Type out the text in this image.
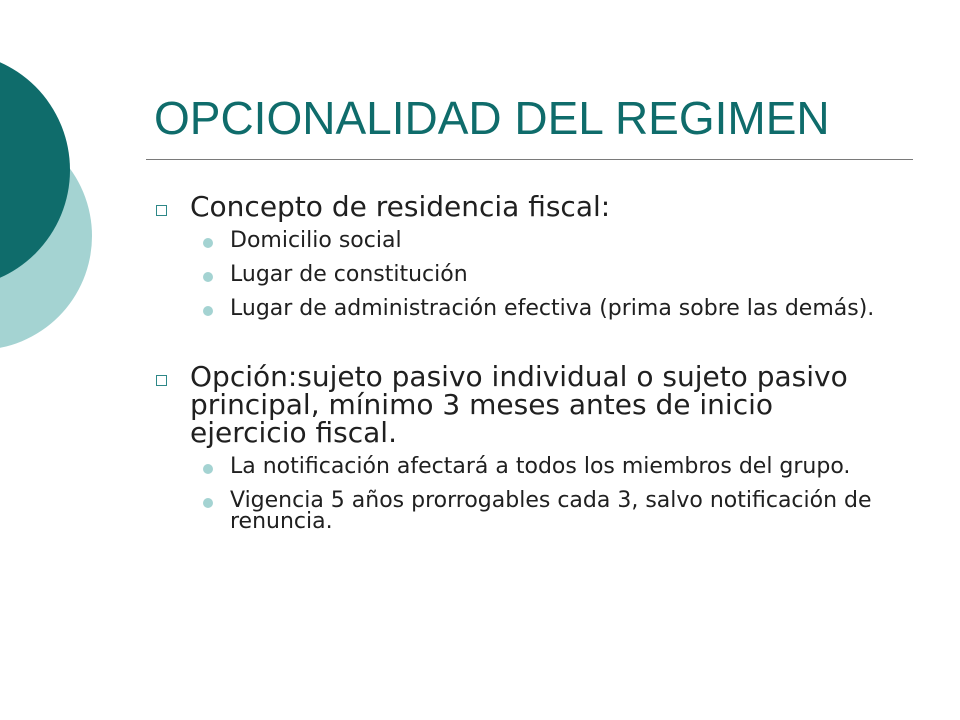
OPCIONALIDAD DEL REGIMEN
Concepto de residencia fiscal:
Domicilio social
Lugar de constitución
Lugar de administración efectiva (prima sobre las demás).
Opción:sujeto pasivo individual o sujeto pasivo principal, mínimo 3 meses antes de inicio ejercicio fiscal.
La notificación afectará a todos los miembros del grupo.
Vigencia 5 años prorrogables cada 3, salvo notificación de renuncia.
